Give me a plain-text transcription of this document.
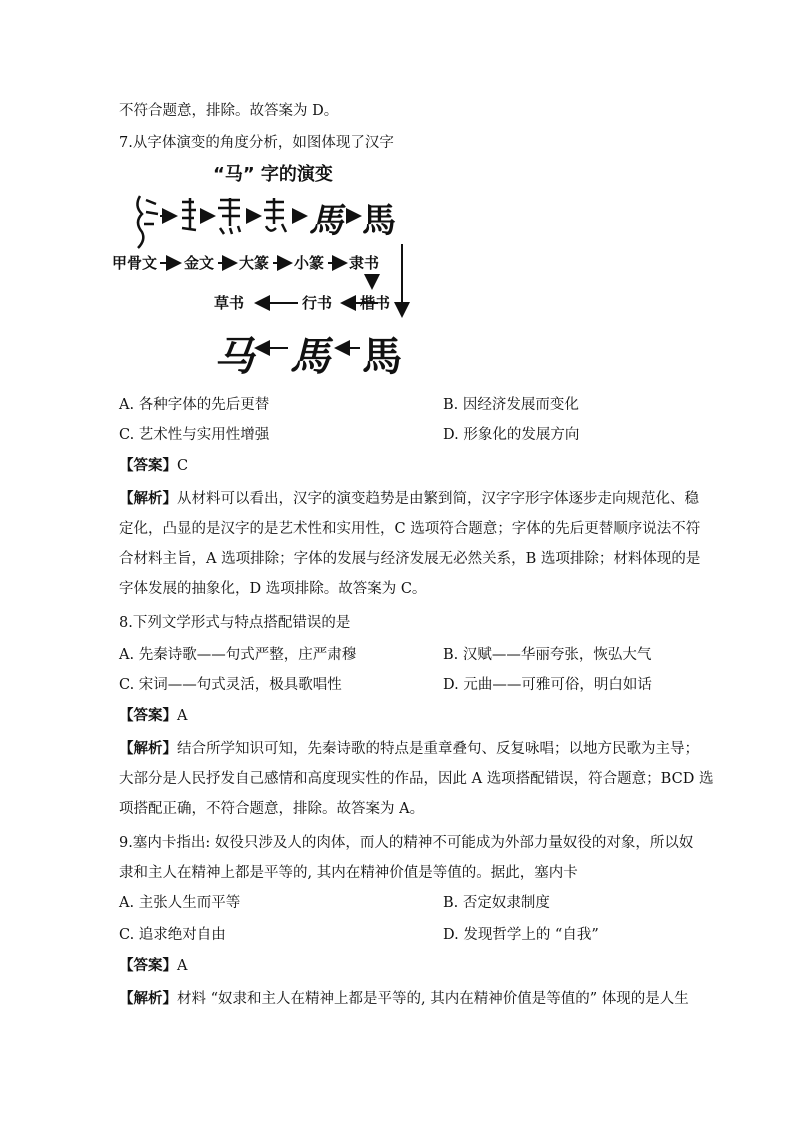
不符合题意，排除。故答案为 D。
7.从字体演变的角度分析，如图体现了汉字
“马” 字的演变
馬 馬
甲骨文 金文 大篆 小篆 隶书
草书	行书 楷书
马 馬 馬
A. 各种字体的先后更替	B. 因经济发展而变化
C. 艺术性与实用性增强	D. 形象化的发展方向
【答案】C
【解析】从材料可以看出，汉字的演变趋势是由繁到简，汉字字形字体逐步走向规范化、稳
定化，凸显的是汉字的是艺术性和实用性，C 选项符合题意；字体的先后更替顺序说法不符
合材料主旨，A 选项排除；字体的发展与经济发展无必然关系，B 选项排除；材料体现的是
字体发展的抽象化，D 选项排除。故答案为 C。
8.下列文学形式与特点搭配错误的是
A. 先秦诗歌——句式严整，庄严肃穆	B. 汉赋——华丽夸张，恢弘大气
C. 宋词——句式灵活，极具歌唱性	D. 元曲——可雅可俗，明白如话
【答案】A
【解析】结合所学知识可知，先秦诗歌的特点是重章叠句、反复咏唱；以地方民歌为主导；
大部分是人民抒发自己感情和高度现实性的作品，因此 A 选项搭配错误，符合题意；BCD 选
项搭配正确，不符合题意，排除。故答案为 A。
9.塞内卡指出: 奴役只涉及人的肉体，而人的精神不可能成为外部力量奴役的对象，所以奴
隶和主人在精神上都是平等的, 其内在精神价值是等值的。据此，塞内卡
A. 主张人生而平等	B. 否定奴隶制度
C. 追求绝对自由	D. 发现哲学上的 “自我”
【答案】A
【解析】材料 “奴隶和主人在精神上都是平等的, 其内在精神价值是等值的” 体现的是人生
